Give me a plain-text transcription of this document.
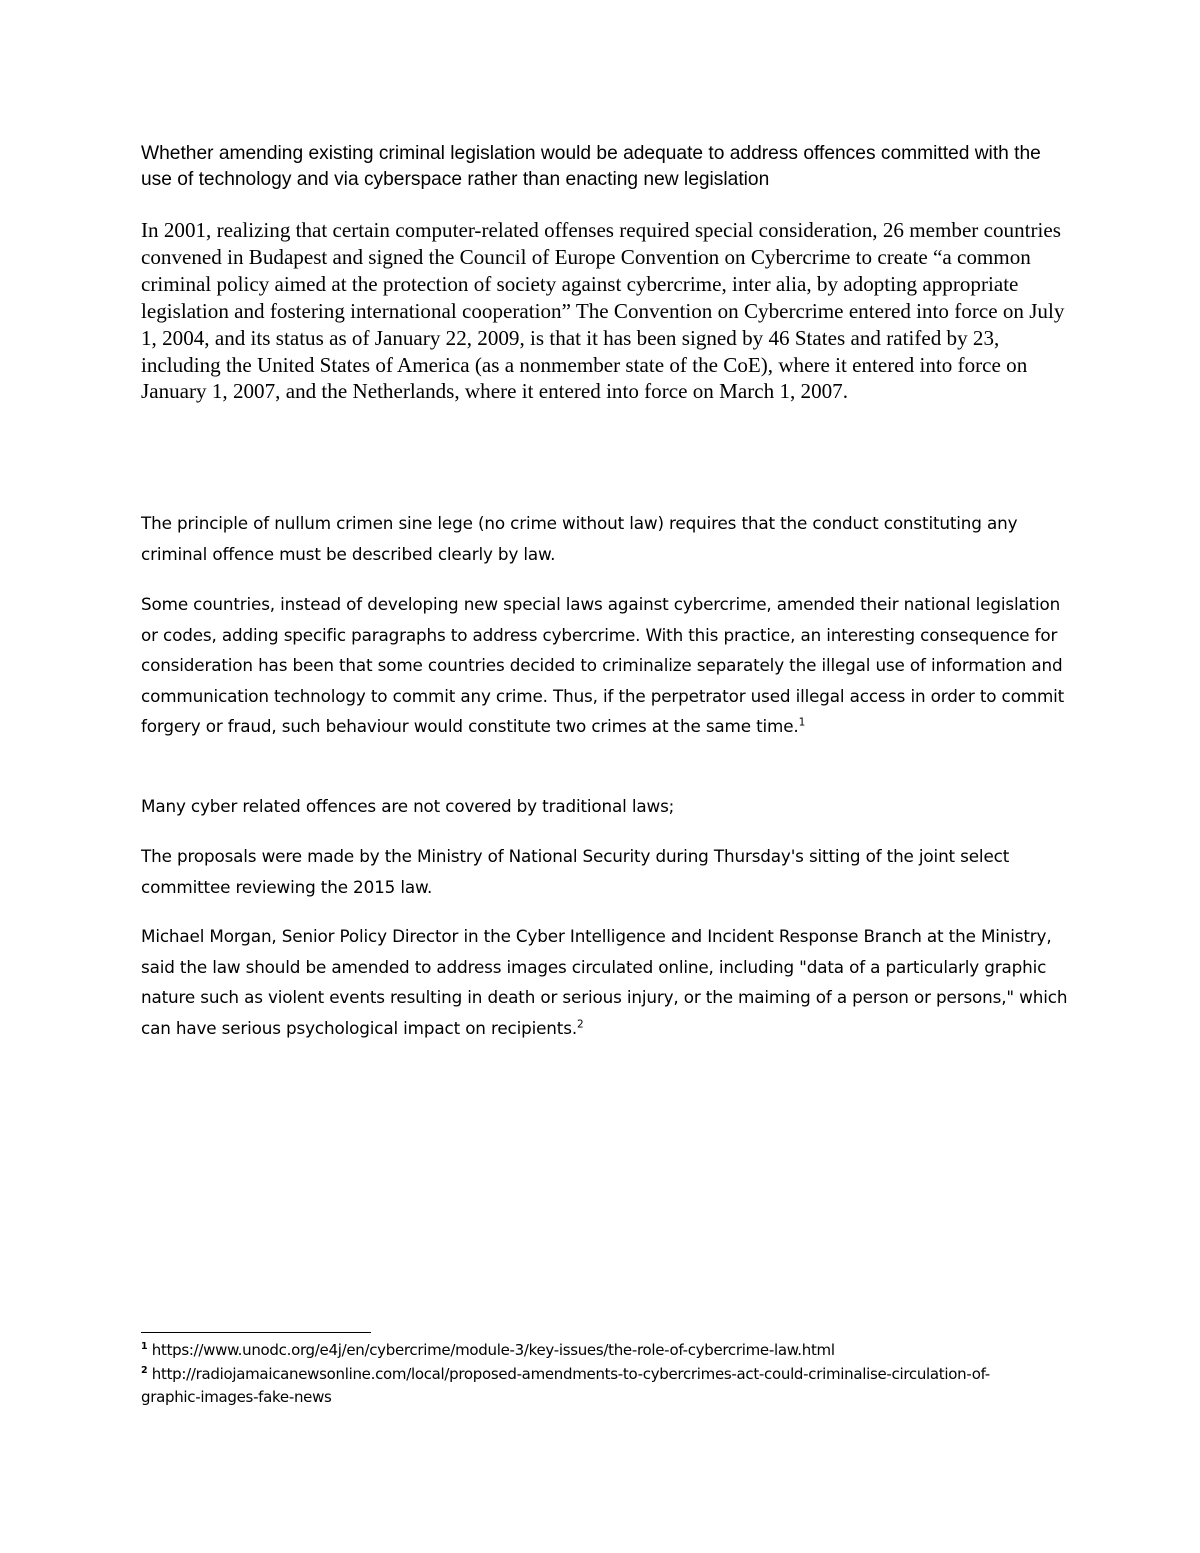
Whether amending existing criminal legislation would be adequate to address offences committed with the use of technology and via cyberspace rather than enacting new legislation

In 2001, realizing that certain computer-related offenses required special consideration, 26 member countries convened in Budapest and signed the Council of Europe Convention on Cybercrime to create “a common criminal policy aimed at the protection of society against cybercrime, inter alia, by adopting appropriate legislation and fostering international cooperation” The Convention on Cybercrime entered into force on July 1, 2004, and its status as of January 22, 2009, is that it has been signed by 46 States and ratifed by 23, including the United States of America (as a nonmember state of the CoE), where it entered into force on January 1, 2007, and the Netherlands, where it entered into force on March 1, 2007.

The principle of nullum crimen sine lege (no crime without law) requires that the conduct constituting any criminal offence must be described clearly by law.

Some countries, instead of developing new special laws against cybercrime, amended their national legislation or codes, adding specific paragraphs to address cybercrime. With this practice, an interesting consequence for consideration has been that some countries decided to criminalize separately the illegal use of information and communication technology to commit any crime. Thus, if the perpetrator used illegal access in order to commit forgery or fraud, such behaviour would constitute two crimes at the same time.$^1$

Many cyber related offences are not covered by traditional laws;

The proposals were made by the Ministry of National Security during Thursday's sitting of the joint select committee reviewing the 2015 law.

Michael Morgan, Senior Policy Director in the Cyber Intelligence and Incident Response Branch at the Ministry, said the law should be amended to address images circulated online, including "data of a particularly graphic nature such as violent events resulting in death or serious injury, or the maiming of a person or persons," which can have serious psychological impact on recipients.$^2$

$^1$ https://www.unodc.org/e4j/en/cybercrime/module-3/key-issues/the-role-of-cybercrime-law.html

$^2$ http://radiojamaicanewsonline.com/local/proposed-amendments-to-cybercrimes-act-could-criminalise-circulation-of-graphic-images-fake-news
